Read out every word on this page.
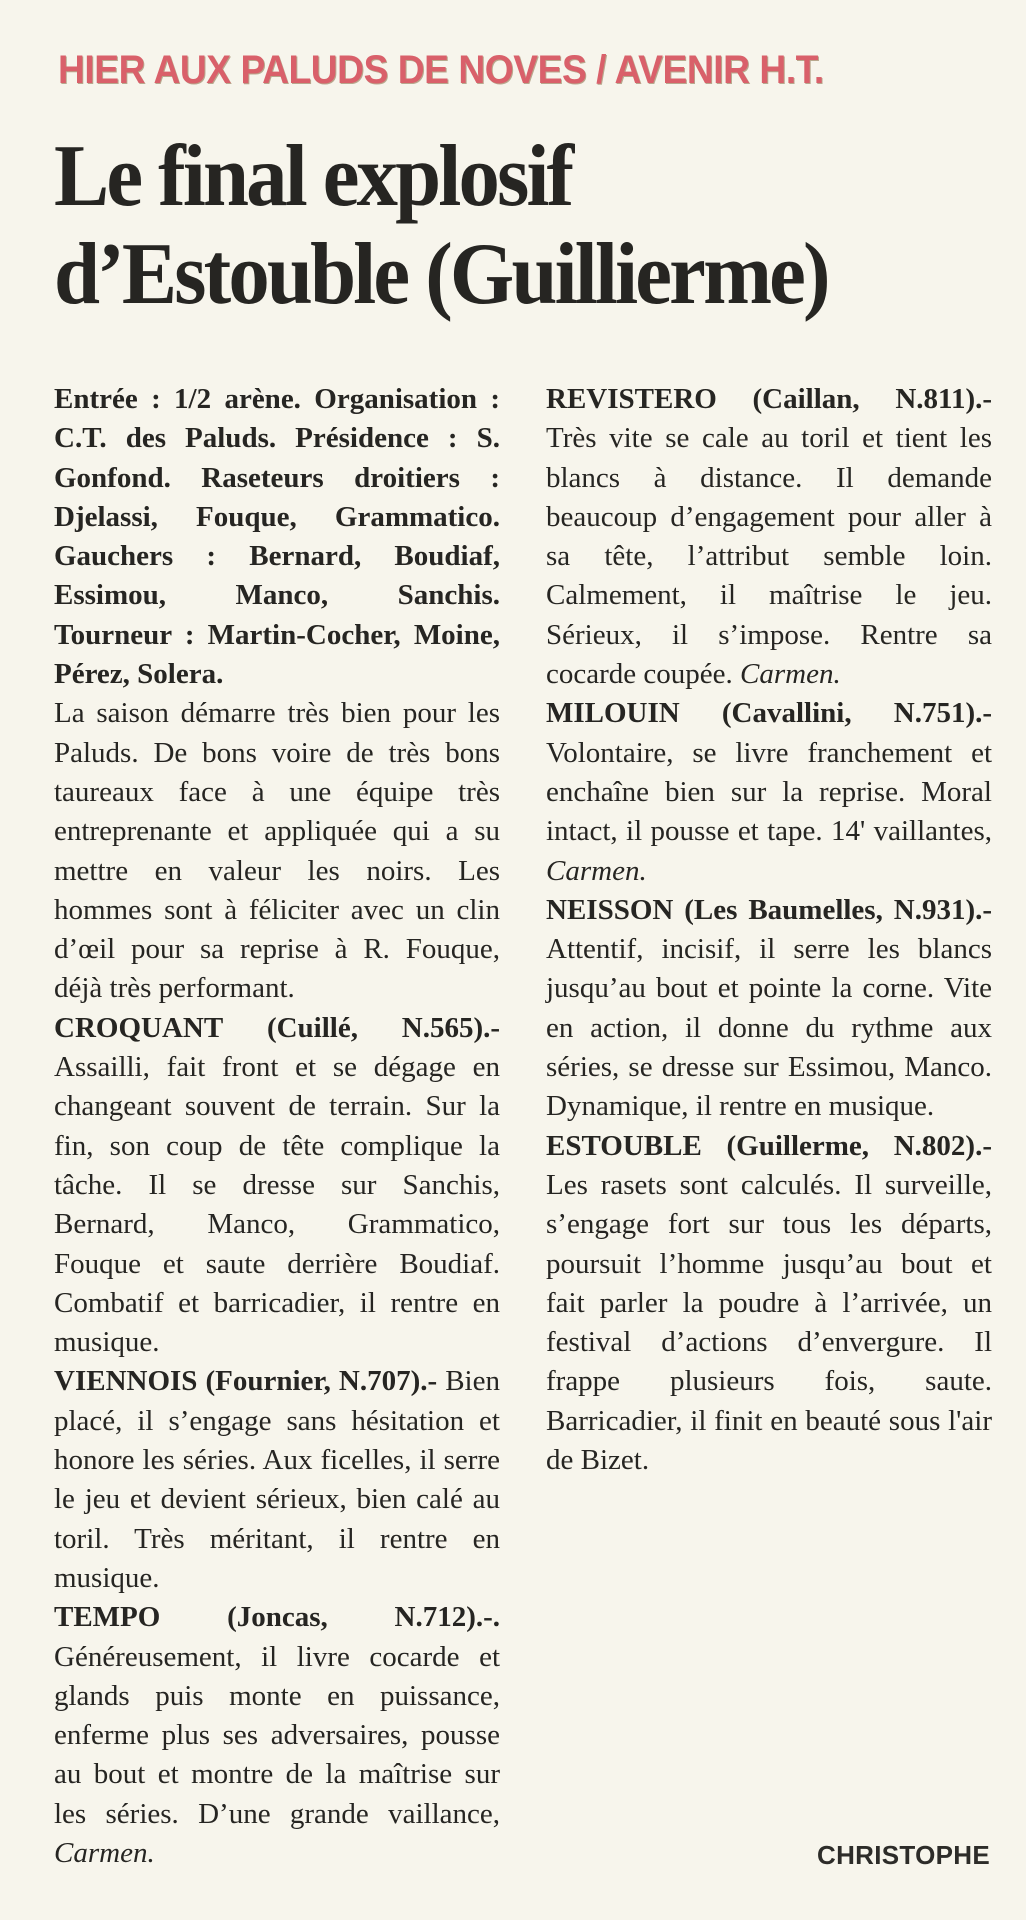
HIER AUX PALUDS DE NOVES / AVENIR H.T.
Le final explosif
d’Estouble (Guillierme)

Entrée : 1/2 arène. Organisation : C.T. des Paluds. Présidence : S. Gonfond. Raseteurs droitiers : Djelassi, Fouque, Grammatico. Gauchers : Bernard, Boudiaf, Essimou, Manco, Sanchis. Tourneur : Martin-Cocher, Moine, Pérez, Solera.

La saison démarre très bien pour les Paluds. De bons voire de très bons taureaux face à une équipe très entreprenante et appliquée qui a su mettre en valeur les noirs. Les hommes sont à féliciter avec un clin d’œil pour sa reprise à R. Fouque, déjà très performant.

CROQUANT (Cuillé, N.565).- Assailli, fait front et se dégage en changeant souvent de terrain. Sur la fin, son coup de tête complique la tâche. Il se dresse sur Sanchis, Bernard, Manco, Grammatico, Fouque et saute derrière Boudiaf. Combatif et barricadier, il rentre en musique.

VIENNOIS (Fournier, N.707).- Bien placé, il s’engage sans hésitation et honore les séries. Aux ficelles, il serre le jeu et devient sérieux, bien calé au toril. Très méritant, il rentre en musique.

TEMPO (Joncas, N.712).-. Généreusement, il livre cocarde et glands puis monte en puissance, enferme plus ses adversaires, pousse au bout et montre de la maîtrise sur les séries. D’une grande vaillance, Carmen.

REVISTERO (Caillan, N.811).- Très vite se cale au toril et tient les blancs à distance. Il demande beaucoup d’engagement pour aller à sa tête, l’attribut semble loin. Calmement, il maîtrise le jeu. Sérieux, il s’impose. Rentre sa cocarde coupée. Carmen.

MILOUIN (Cavallini, N.751).- Volontaire, se livre franchement et enchaîne bien sur la reprise. Moral intact, il pousse et tape. 14' vaillantes, Carmen.

NEISSON (Les Baumelles, N.931).- Attentif, incisif, il serre les blancs jusqu’au bout et pointe la corne. Vite en action, il donne du rythme aux séries, se dresse sur Essimou, Manco. Dynamique, il rentre en musique.

ESTOUBLE (Guillerme, N.802).- Les rasets sont calculés. Il surveille, s’engage fort sur tous les départs, poursuit l’homme jusqu’au bout et fait parler la poudre à l’arrivée, un festival d’actions d’envergure. Il frappe plusieurs fois, saute. Barricadier, il finit en beauté sous l'air de Bizet.

CHRISTOPHE
